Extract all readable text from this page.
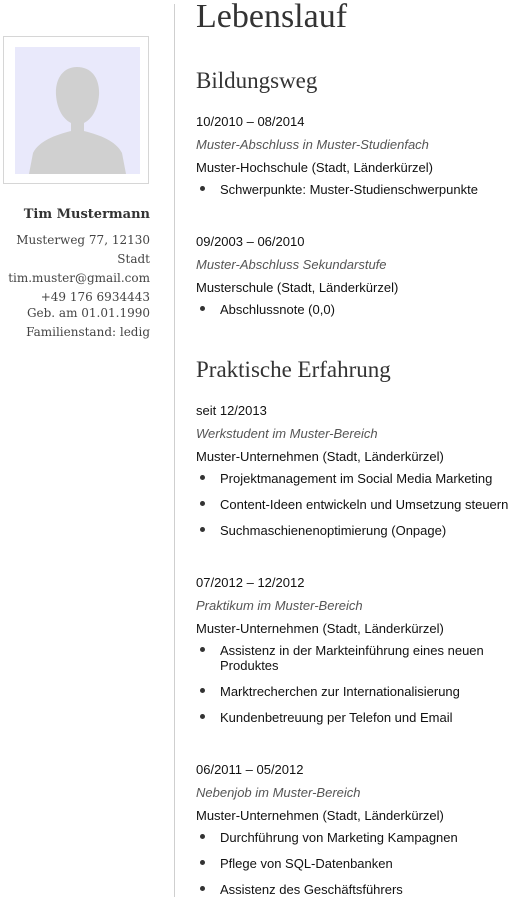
Tim Mustermann
Musterweg 77, 12130 Stadt
tim.muster@gmail.com
+49 176 6934443
Geb. am 01.01.1990
Familienstand: ledig
Lebenslauf
Bildungsweg
10/2010 – 08/2014
Muster-Abschluss in Muster-Studienfach
Muster-Hochschule (Stadt, Länderkürzel)
Schwerpunkte: Muster-Studienschwerpunkte
09/2003 – 06/2010
Muster-Abschluss Sekundarstufe
Musterschule (Stadt, Länderkürzel)
Abschlussnote (0,0)
Praktische Erfahrung
seit 12/2013
Werkstudent im Muster-Bereich
Muster-Unternehmen (Stadt, Länderkürzel)
Projektmanagement im Social Media Marketing
Content-Ideen entwickeln und Umsetzung steuern
Suchmaschienenoptimierung (Onpage)
07/2012 – 12/2012
Praktikum im Muster-Bereich
Muster-Unternehmen (Stadt, Länderkürzel)
Assistenz in der Markteinführung eines neuen Produktes
Marktrecherchen zur Internationalisierung
Kundenbetreuung per Telefon und Email
06/2011 – 05/2012
Nebenjob im Muster-Bereich
Muster-Unternehmen (Stadt, Länderkürzel)
Durchführung von Marketing Kampagnen
Pflege von SQL-Datenbanken
Assistenz des Geschäftsführers
